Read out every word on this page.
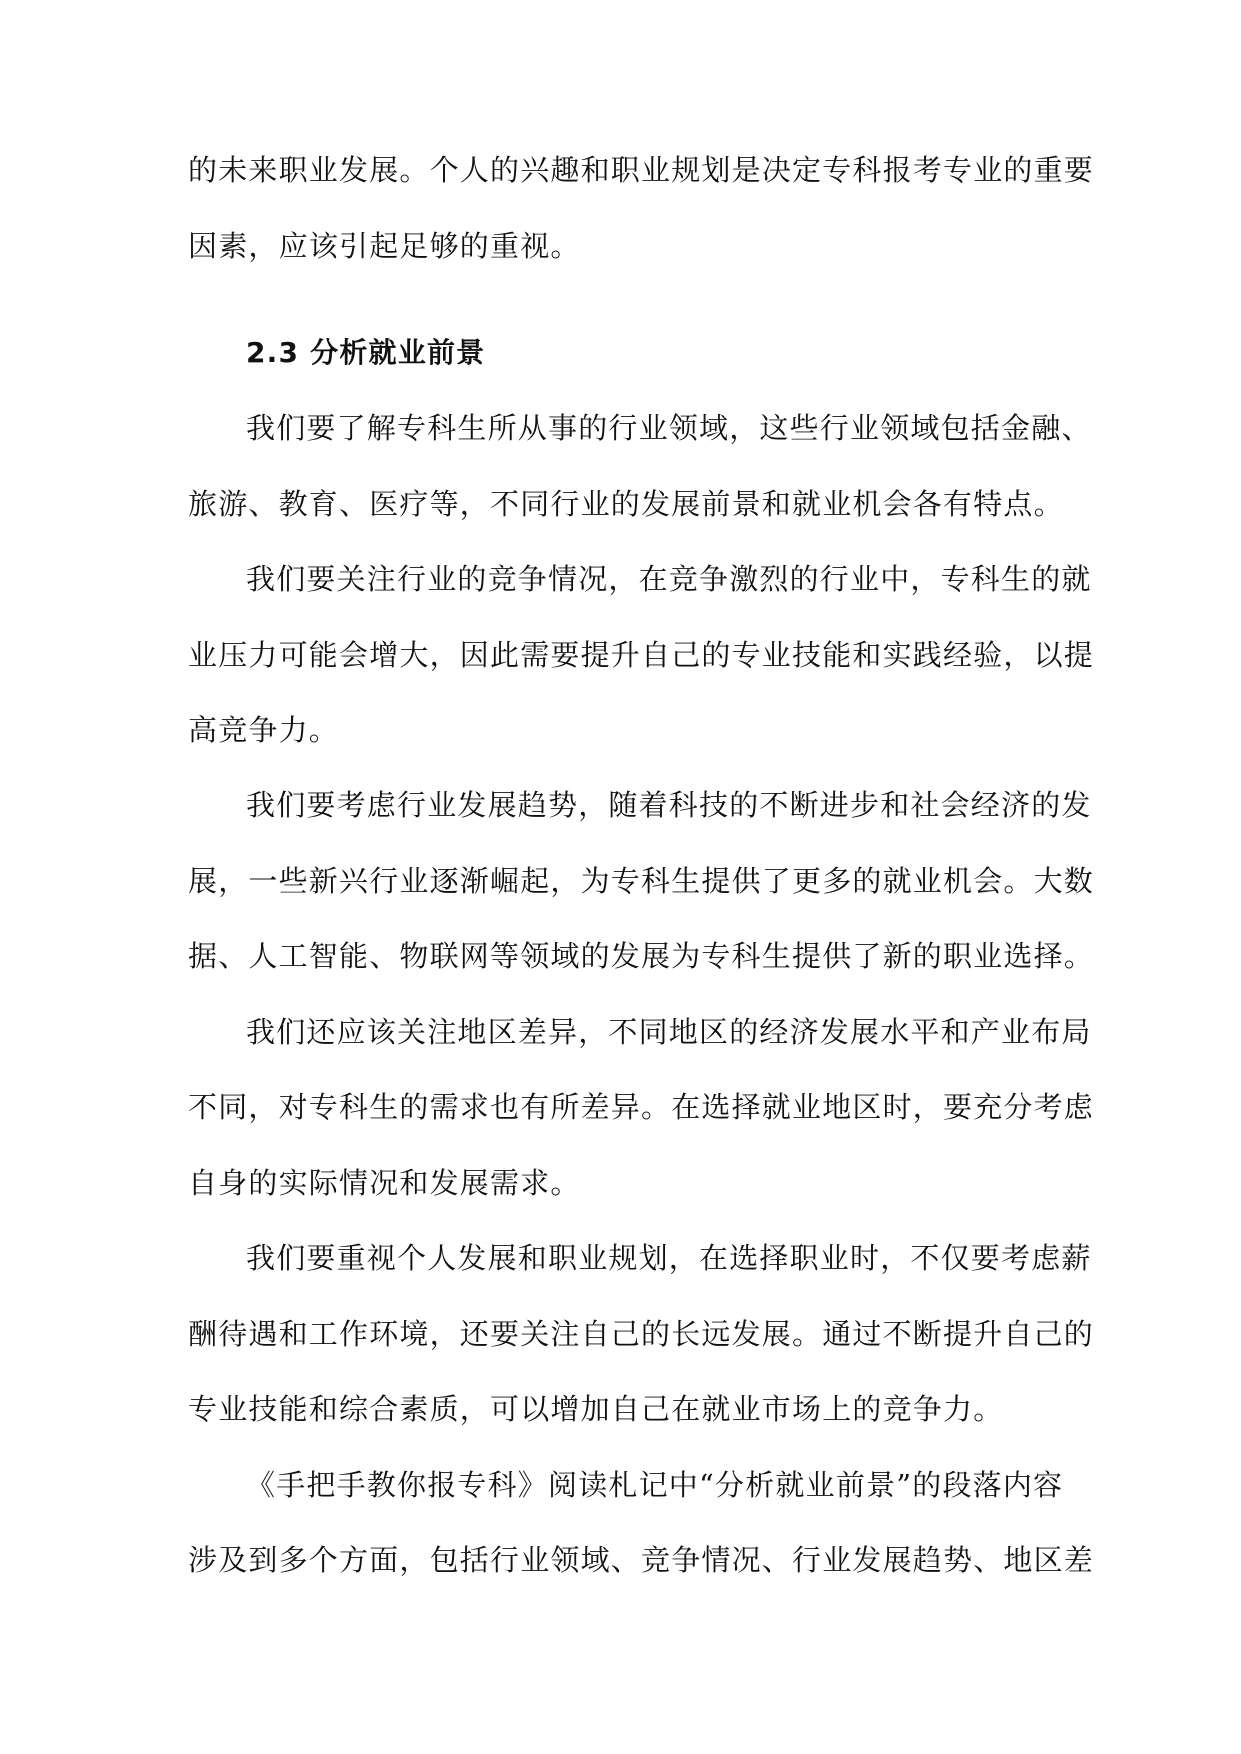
的未来职业发展。个人的兴趣和职业规划是决定专科报考专业的重要
因素，应该引起足够的重视。
2.3 分析就业前景
我们要了解专科生所从事的行业领域，这些行业领域包括金融、
旅游、教育、医疗等，不同行业的发展前景和就业机会各有特点。
我们要关注行业的竞争情况，在竞争激烈的行业中，专科生的就
业压力可能会增大，因此需要提升自己的专业技能和实践经验，以提
高竞争力。
我们要考虑行业发展趋势，随着科技的不断进步和社会经济的发
展，一些新兴行业逐渐崛起，为专科生提供了更多的就业机会。大数
据、人工智能、物联网等领域的发展为专科生提供了新的职业选择。
我们还应该关注地区差异，不同地区的经济发展水平和产业布局
不同，对专科生的需求也有所差异。在选择就业地区时，要充分考虑
自身的实际情况和发展需求。
我们要重视个人发展和职业规划，在选择职业时，不仅要考虑薪
酬待遇和工作环境，还要关注自己的长远发展。通过不断提升自己的
专业技能和综合素质，可以增加自己在就业市场上的竞争力。
《手把手教你报专科》阅读札记中“分析就业前景”的段落内容
涉及到多个方面，包括行业领域、竞争情况、行业发展趋势、地区差
